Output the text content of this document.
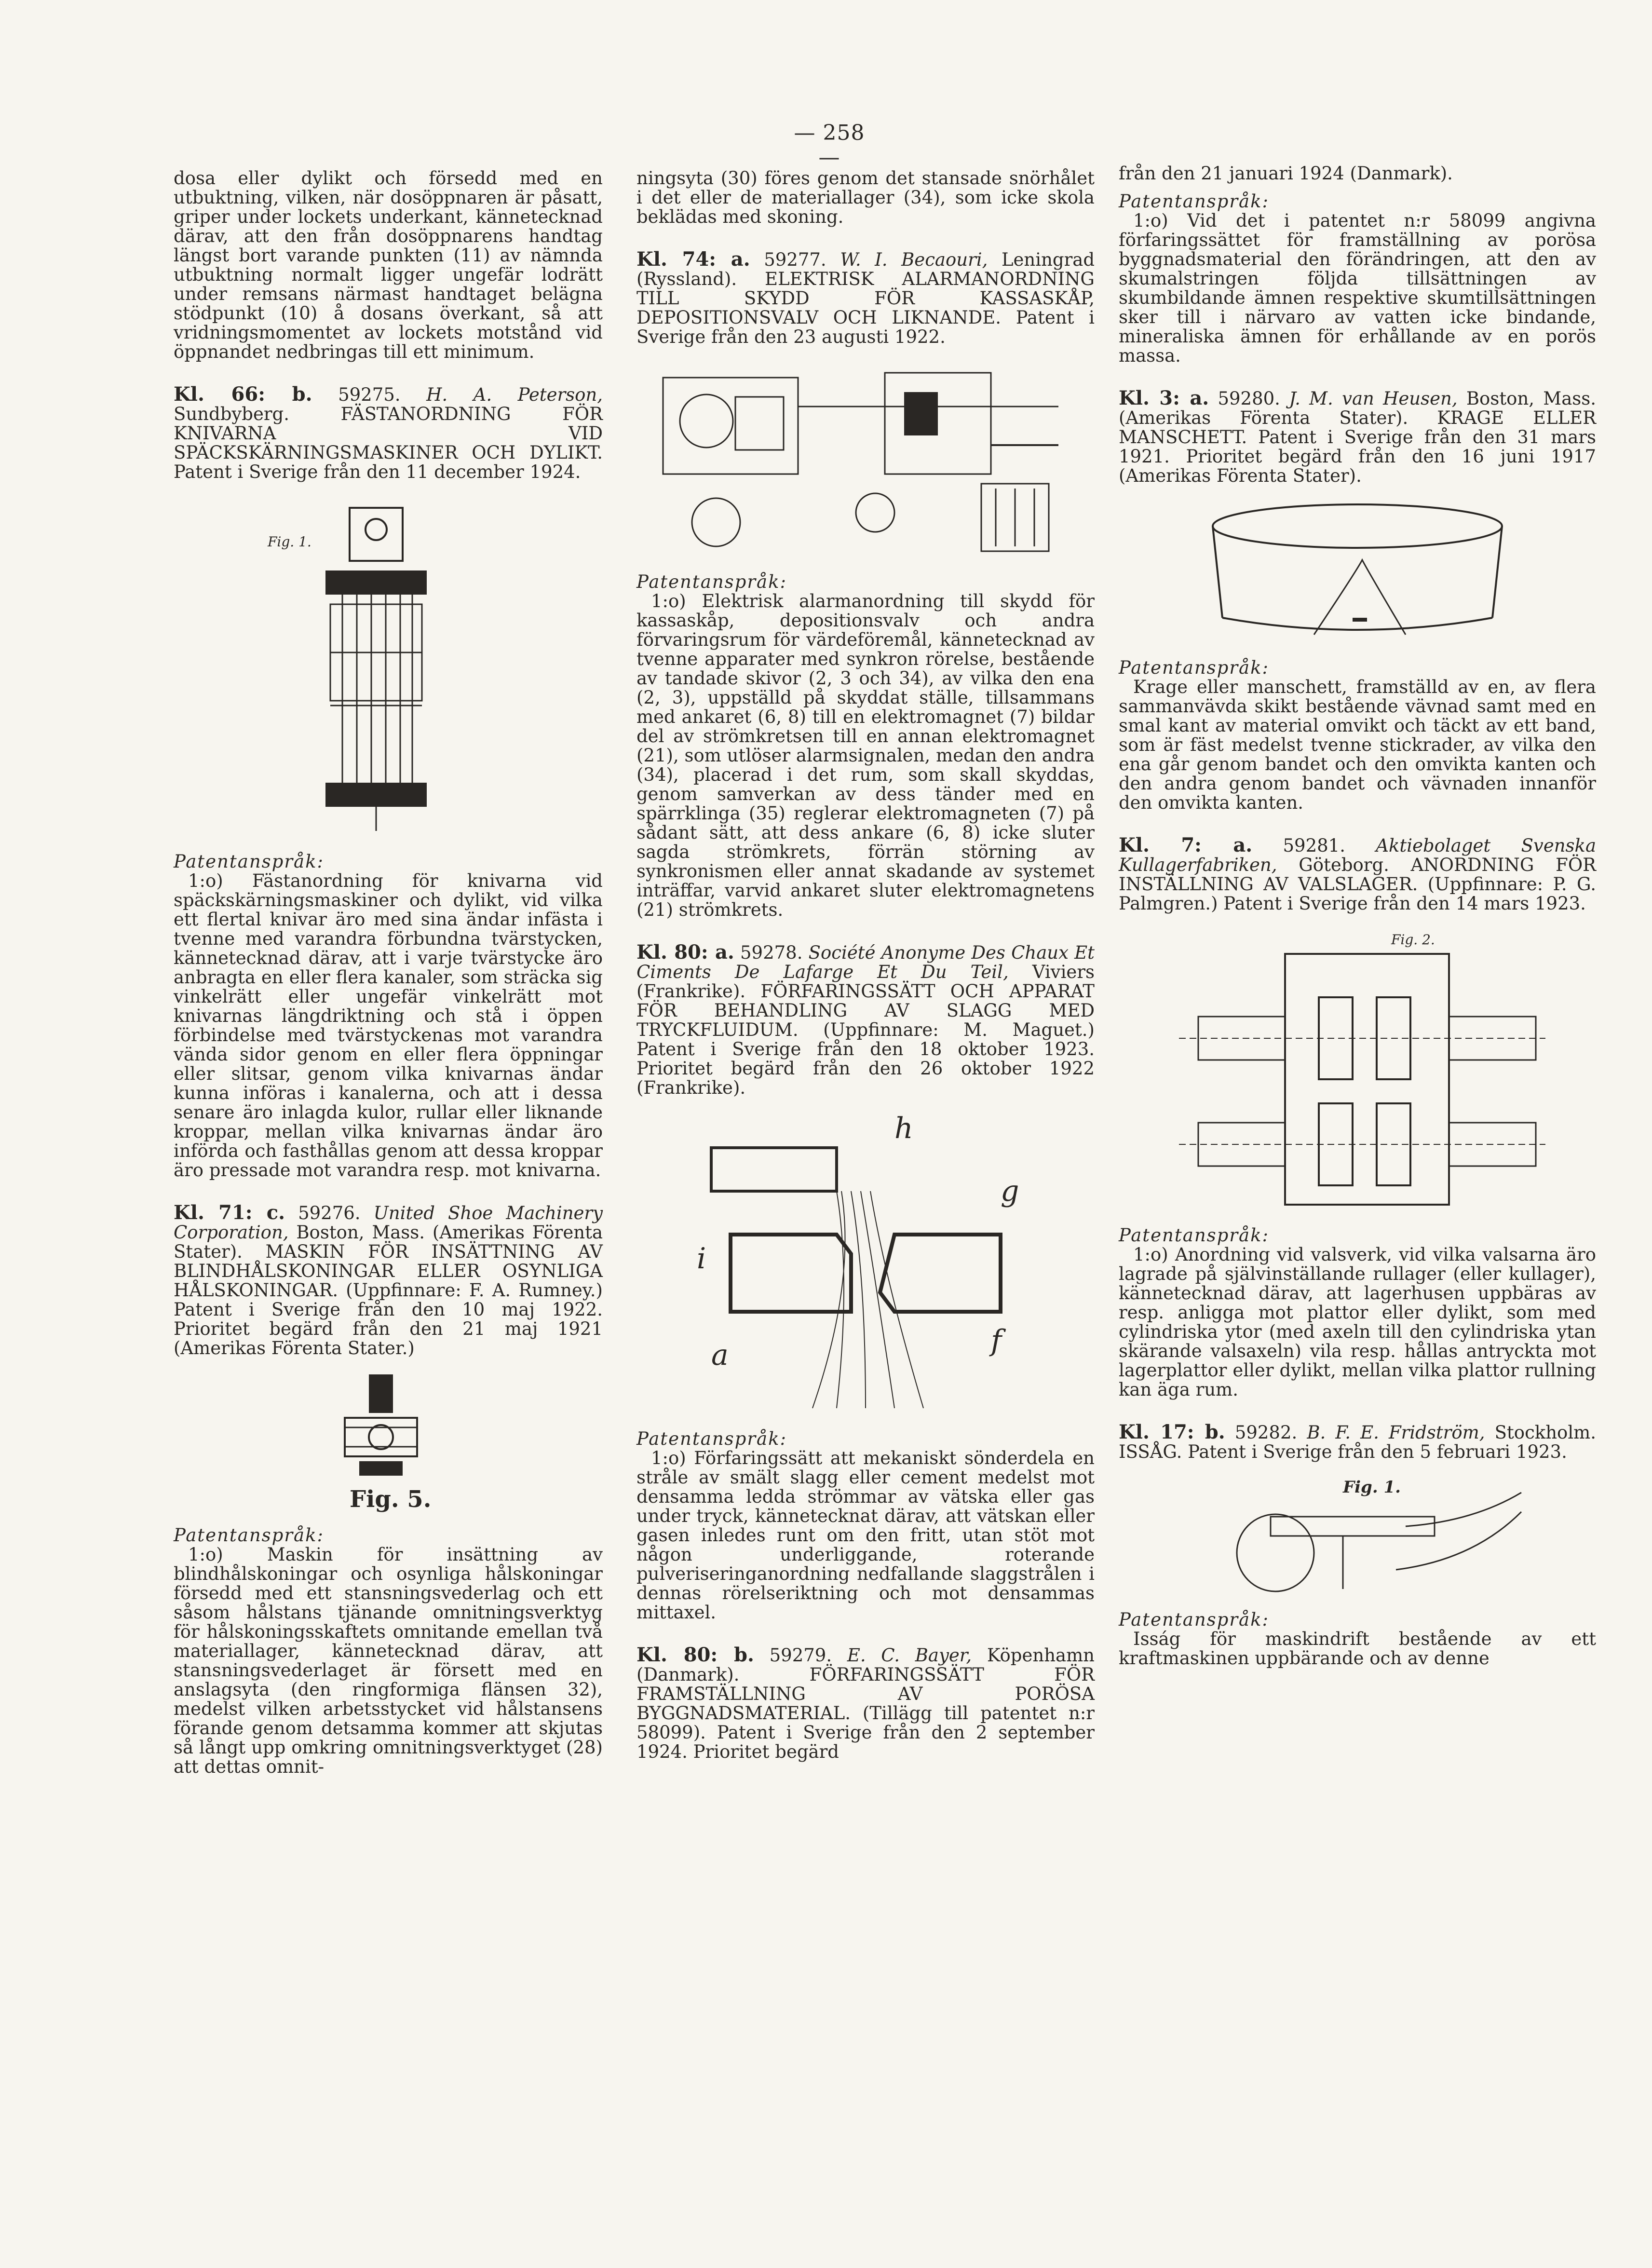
— 258 —

dosa eller dylikt och försedd med en utbuktning, vilken, när dosöppnaren är påsatt, griper under lockets underkant, kännetecknad därav, att den från dosöppnarens handtag längst bort varande punkten (11) av nämnda utbuktning normalt ligger ungefär lodrätt under remsans närmast handtaget belägna stödpunkt (10) å dosans överkant, så att vridningsmomentet av lockets motstånd vid öppnandet nedbringas till ett minimum.

Kl. 66: b. 59275. H. A. Peterson, Sundbyberg. FÄSTANORDNING FÖR KNIVARNA VID SPÄCKSKÄRNINGSMASKINER OCH DYLIKT. Patent i Sverige från den 11 december 1924.

Fig. 1.

Patentanspråk:

1:o) Fästanordning för knivarna vid späckskärningsmaskiner och dylikt, vid vilka ett flertal knivar äro med sina ändar infästa i tvenne med varandra förbundna tvärstycken, kännetecknad därav, att i varje tvärstycke äro anbragta en eller flera kanaler, som sträcka sig vinkelrätt eller ungefär vinkelrätt mot knivarnas längdriktning och stå i öppen förbindelse med tvärstyckenas mot varandra vända sidor genom en eller flera öppningar eller slitsar, genom vilka knivarnas ändar kunna införas i kanalerna, och att i dessa senare äro inlagda kulor, rullar eller liknande kroppar, mellan vilka knivarnas ändar äro införda och fasthållas genom att dessa kroppar äro pressade mot varandra resp. mot knivarna.

Kl. 71: c. 59276. United Shoe Machinery Corporation, Boston, Mass. (Amerikas Förenta Stater). MASKIN FÖR INSÄTTNING AV BLINDHÅLSKONINGAR ELLER OSYNLIGA HÅLSKONINGAR. (Uppfinnare: F. A. Rumney.) Patent i Sverige från den 10 maj 1922. Prioritet begärd från den 21 maj 1921 (Amerikas Förenta Stater.)

Fig. 5.

Patentanspråk:

1:o) Maskin för insättning av blindhålskoningar och osynliga hålskoningar försedd med ett stansningsvederlag och ett såsom hålstans tjänande omnitningsverktyg för hålskoningsskaftets omnitande emellan två materiallager, kännetecknad därav, att stansningsvederlaget är försett med en anslagsyta (den ringformiga flänsen 32), medelst vilken arbetsstycket vid hålstansens förande genom detsamma kommer att skjutas så långt upp omkring omnitningsverktyget (28) att dettas omnit-

ningsyta (30) föres genom det stansade snörhålet i det eller de materiallager (34), som icke skola beklädas med skoning.

Kl. 74: a. 59277. W. I. Becaouri, Leningrad (Ryssland). ELEKTRISK ALARMANORDNING TILL SKYDD FÖR KASSASKÅP, DEPOSITIONSVALV OCH LIKNANDE. Patent i Sverige från den 23 augusti 1922.

Patentanspråk:

1:o) Elektrisk alarmanordning till skydd för kassaskåp, depositionsvalv och andra förvaringsrum för värdeföremål, kännetecknad av tvenne apparater med synkron rörelse, bestående av tandade skivor (2, 3 och 34), av vilka den ena (2, 3), uppställd på skyddat ställe, tillsammans med ankaret (6, 8) till en elektromagnet (7) bildar del av strömkretsen till en annan elektromagnet (21), som utlöser alarmsignalen, medan den andra (34), placerad i det rum, som skall skyddas, genom samverkan av dess tänder med en spärrklinga (35) reglerar elektromagneten (7) på sådant sätt, att dess ankare (6, 8) icke sluter sagda strömkrets, förrän störning av synkronismen eller annat skadande av systemet inträffar, varvid ankaret sluter elektromagnetens (21) strömkrets.

Kl. 80: a. 59278. Société Anonyme Des Chaux Et Ciments De Lafarge Et Du Teil, Viviers (Frankrike). FÖRFARINGSSÄTT OCH APPARAT FÖR BEHANDLING AV SLAGG MED TRYCKFLUIDUM. (Uppfinnare: M. Maguet.) Patent i Sverige från den 18 oktober 1923. Prioritet begärd från den 26 oktober 1922 (Frankrike).

h
g
i
f
a

Patentanspråk:

1:o) Förfaringssätt att mekaniskt sönderdela en stråle av smält slagg eller cement medelst mot densamma ledda strömmar av vätska eller gas under tryck, kännetecknat därav, att vätskan eller gasen inledes runt om den fritt, utan stöt mot någon underliggande, roterande pulveriseringanordning nedfallande slaggstrålen i dennas rörelseriktning och mot densammas mittaxel.

Kl. 80: b. 59279. E. C. Bayer, Köpenhamn (Danmark). FÖRFARINGSSÄTT FÖR FRAMSTÄLLNING AV PORÖSA BYGGNADSMATERIAL. (Tillägg till patentet n:r 58099). Patent i Sverige från den 2 september 1924. Prioritet begärd

från den 21 januari 1924 (Danmark).

Patentanspråk:

1:o) Vid det i patentet n:r 58099 angivna förfaringssättet för framställning av porösa byggnadsmaterial den förändringen, att den av skumalstringen följda tillsättningen av skumbildande ämnen respektive skumtillsättningen sker till i närvaro av vatten icke bindande, mineraliska ämnen för erhållande av en porös massa.

Kl. 3: a. 59280. J. M. van Heusen, Boston, Mass. (Amerikas Förenta Stater). KRAGE ELLER MANSCHETT. Patent i Sverige från den 31 mars 1921. Prioritet begärd från den 16 juni 1917 (Amerikas Förenta Stater).

Patentanspråk:

Krage eller manschett, framställd av en, av flera sammanvävda skikt bestående vävnad samt med en smal kant av material omvikt och täckt av ett band, som är fäst medelst tvenne stickrader, av vilka den ena går genom bandet och den omvikta kanten och den andra genom bandet och vävnaden innanför den omvikta kanten.

Kl. 7: a. 59281. Aktiebolaget Svenska Kullagerfabriken, Göteborg. ANORDNING FÖR INSTÄLLNING AV VALSLAGER. (Uppfinnare: P. G. Palmgren.) Patent i Sverige från den 14 mars 1923.

Fig. 2.

Patentanspråk:

1:o) Anordning vid valsverk, vid vilka valsarna äro lagrade på självinställande rullager (eller kullager), kännetecknad därav, att lagerhusen uppbäras av resp. anligga mot plattor eller dylikt, som med cylindriska ytor (med axeln till den cylindriska ytan skärande valsaxeln) vila resp. hållas antryckta mot lagerplattor eller dylikt, mellan vilka plattor rullning kan äga rum.

Kl. 17: b. 59282. B. F. E. Fridström, Stockholm. ISSÅG. Patent i Sverige från den 5 februari 1923.

Fig. 1.

Patentanspråk:

Isság för maskindrift bestående av ett kraftmaskinen uppbärande och av denne
